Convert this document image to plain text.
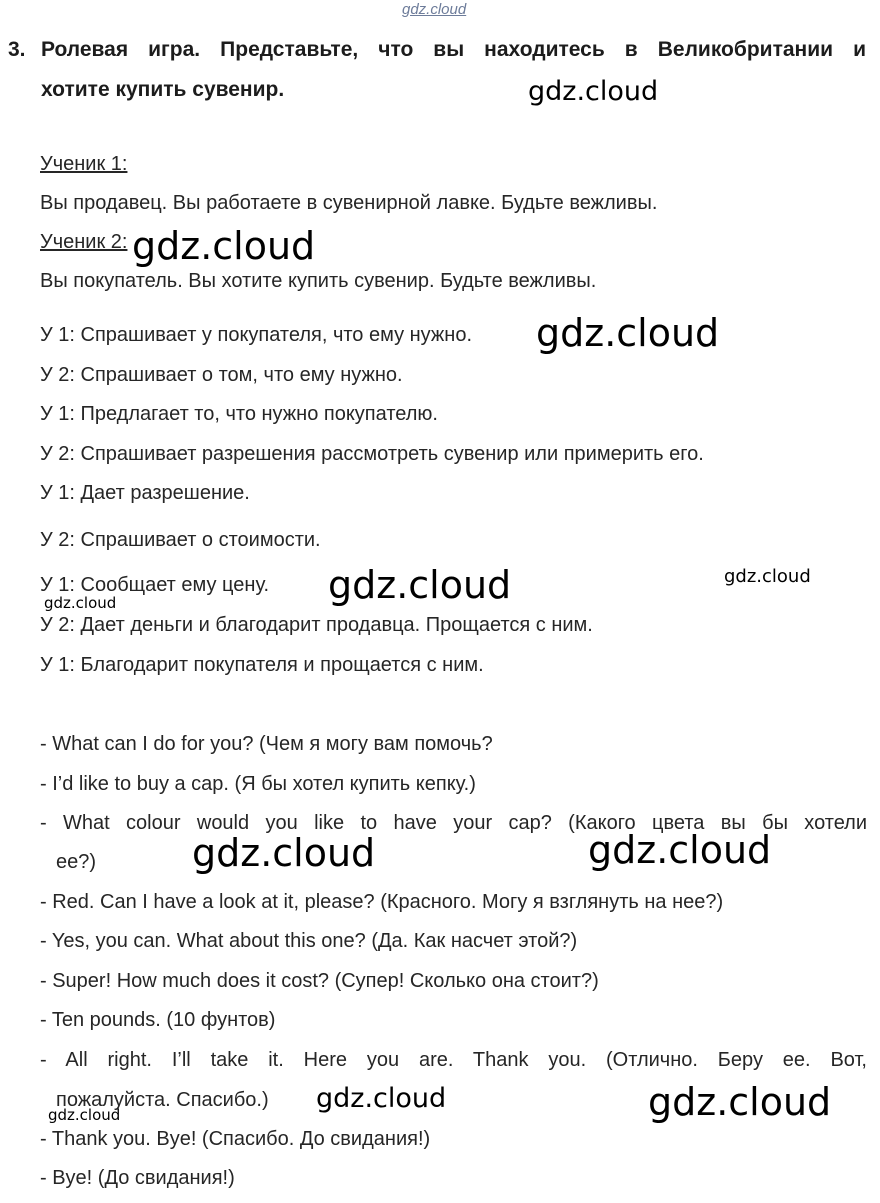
gdz.cloud
3. Ролевая игра. Представьте, что вы находитесь в Великобритании и
хотите купить сувенир.
Ученик 1:
Вы продавец. Вы работаете в сувенирной лавке. Будьте вежливы.
Ученик 2:
Вы покупатель. Вы хотите купить сувенир. Будьте вежливы.
У 1: Спрашивает у покупателя, что ему нужно.
У 2: Спрашивает о том, что ему нужно.
У 1: Предлагает то, что нужно покупателю.
У 2: Спрашивает разрешения рассмотреть сувенир или примерить его.
У 1: Дает разрешение.
У 2: Спрашивает о стоимости.
У 1: Сообщает ему цену.
У 2: Дает деньги и благодарит продавца. Прощается с ним.
У 1: Благодарит покупателя и прощается с ним.
- What can I do for you? (Чем я могу вам помочь?
- I’d like to buy a cap. (Я бы хотел купить кепку.)
- What colour would you like to have your cap? (Какого цвета вы бы хотели
ее?)
- Red. Can I have a look at it, please? (Красного. Могу я взглянуть на нее?)
- Yes, you can. What about this one? (Да. Как насчет этой?)
- Super! How much does it cost? (Супер! Сколько она стоит?)
- Ten pounds. (10 фунтов)
- All right. I’ll take it. Here you are. Thank you. (Отлично. Беру ее. Вот,
пожалуйста. Спасибо.)
- Thank you. Bye! (Спасибо. До свидания!)
- Bye! (До свидания!)
gdz.cloud
gdz.cloud
gdz.cloud
gdz.cloud	gdz.cloud
gdz.cloud
gdz.cloud	gdz.cloud
gdz.cloud	gdz.cloud
gdz.cloud
